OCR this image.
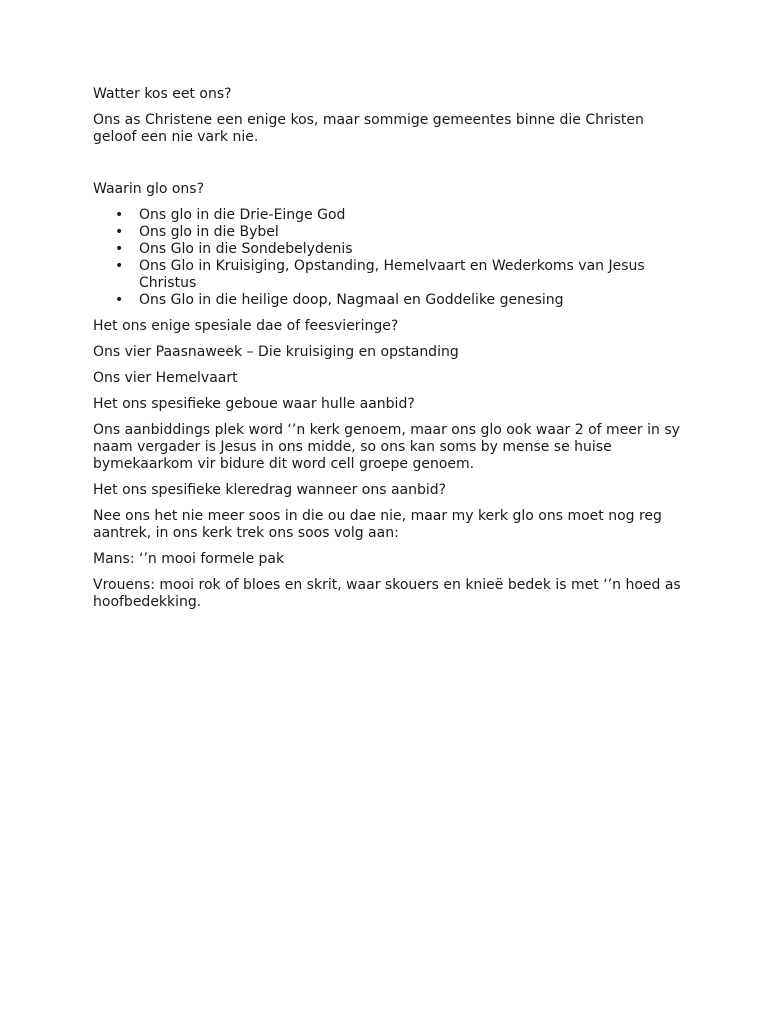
Watter kos eet ons?

Ons as Christene een enige kos, maar sommige gemeentes binne die Christen geloof een nie vark nie.

Waarin glo ons?

• Ons glo in die Drie-Einge God
• Ons glo in die Bybel
• Ons Glo in die Sondebelydenis
• Ons Glo in Kruisiging, Opstanding, Hemelvaart en Wederkoms van Jesus Christus
• Ons Glo in die heilige doop, Nagmaal en Goddelike genesing

Het ons enige spesiale dae of feesvieringe?

Ons vier Paasnaweek – Die kruisiging en opstanding

Ons vier Hemelvaart

Het ons spesifieke geboue waar hulle aanbid?

Ons aanbiddings plek word ‘’n kerk genoem, maar ons glo ook waar 2 of meer in sy naam vergader is Jesus in ons midde, so ons kan soms by mense se huise bymekaarkom vir bidure dit word cell groepe genoem.

Het ons spesifieke kleredrag wanneer ons aanbid?

Nee ons het nie meer soos in die ou dae nie, maar my kerk glo ons moet nog reg aantrek, in ons kerk trek ons soos volg aan:

Mans: ‘’n mooi formele pak

Vrouens: mooi rok of bloes en skrit, waar skouers en knieë bedek is met ‘’n hoed as hoofbedekking.
